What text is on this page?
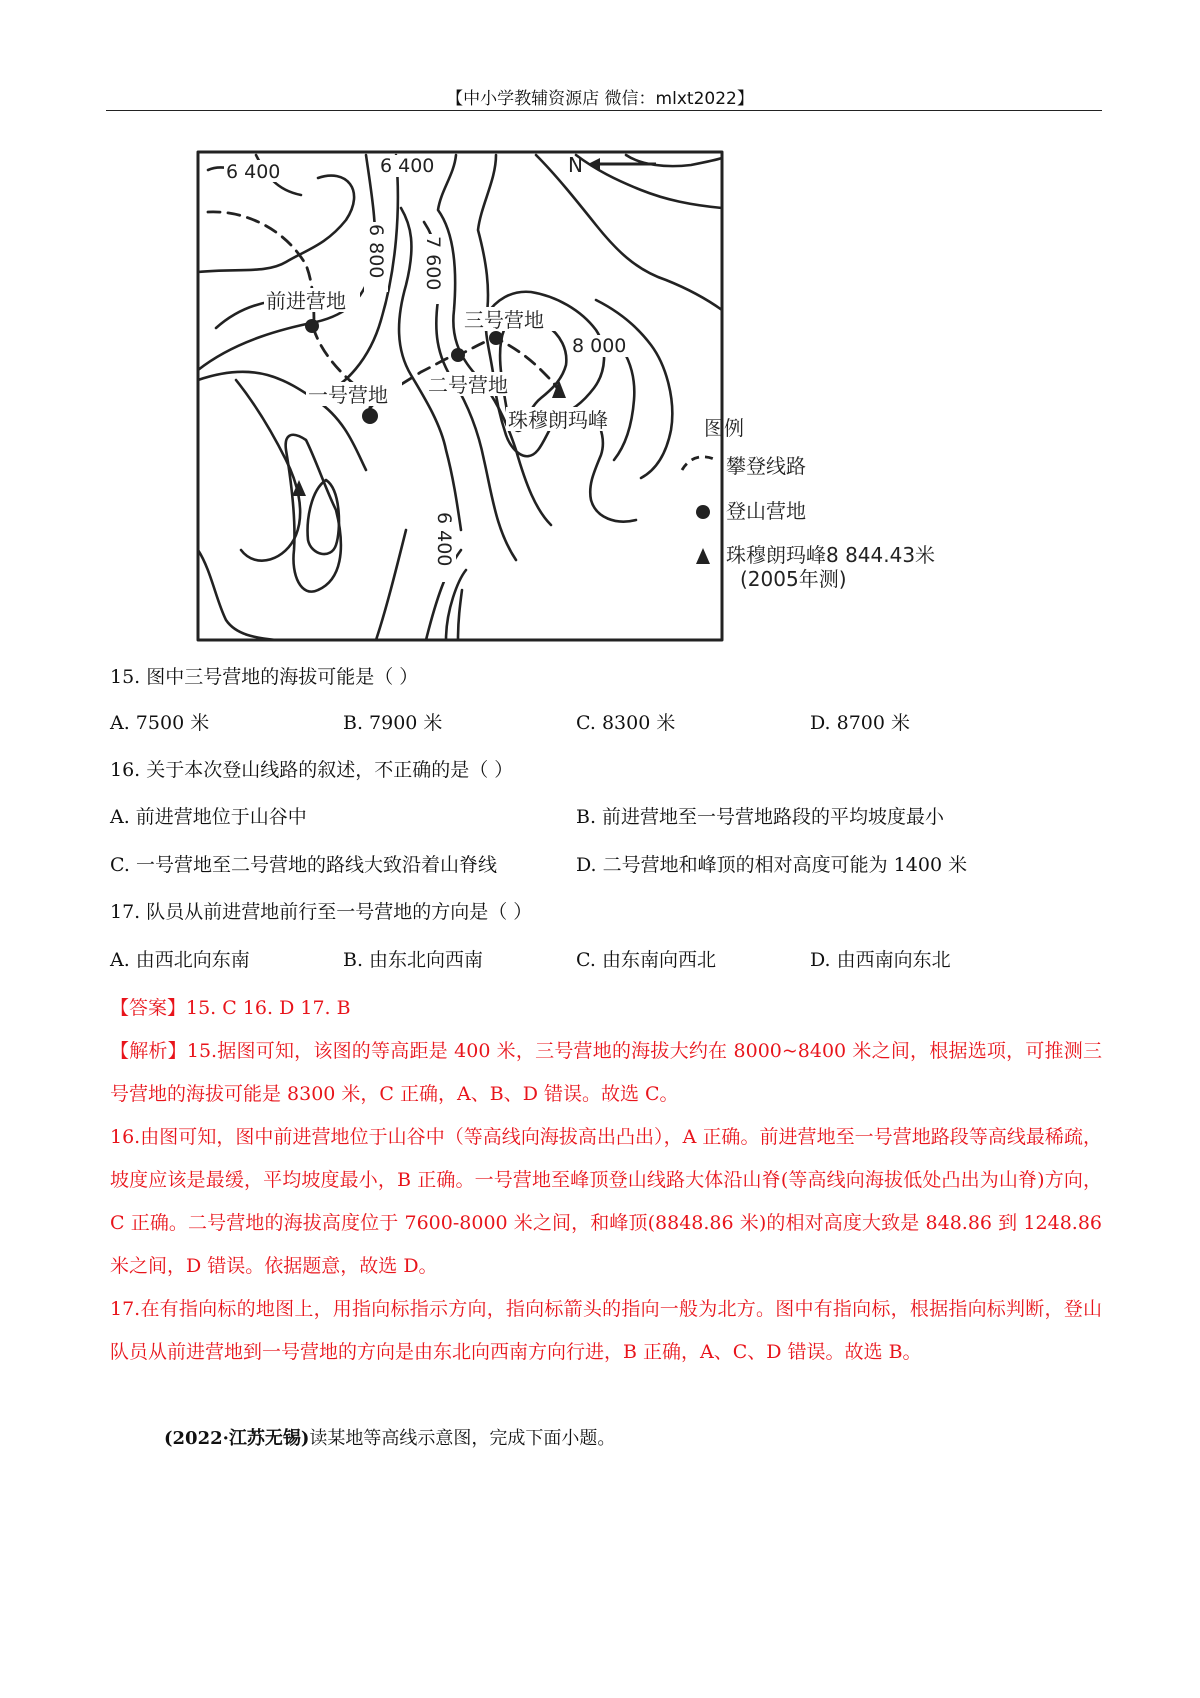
【中小学教辅资源店 微信：mlxt2022】
6 400	6 400
6 800 7 600
8 000
6 400
N
前进营地
一号营地 二号营地
三号营地
珠穆朗玛峰	图例
攀登线路
登山营地
珠穆朗玛峰8 844.43米
(2005年测)
15. 图中三号营地的海拔可能是（ ）
A. 7500 米	B. 7900 米	C. 8300 米	D. 8700 米
16. 关于本次登山线路的叙述，不正确的是（ ）
A. 前进营地位于山谷中	B. 前进营地至一号营地路段的平均坡度最小
C. 一号营地至二号营地的路线大致沿着山脊线	D. 二号营地和峰顶的相对高度可能为 1400 米
17. 队员从前进营地前行至一号营地的方向是（ ）
A. 由西北向东南	B. 由东北向西南	C. 由东南向西北	D. 由西南向东北
【答案】15. C 16. D 17. B
【解析】15.据图可知，该图的等高距是 400 米，三号营地的海拔大约在 8000~8400 米之间，根据选项，可推测三号营地的海拔可能是 8300 米，C 正确，A、B、D 错误。故选 C。
16.由图可知，图中前进营地位于山谷中（等高线向海拔高出凸出），A 正确。前进营地至一号营地路段等高线最稀疏，坡度应该是最缓，平均坡度最小，B 正确。一号营地至峰顶登山线路大体沿山脊(等高线向海拔低处凸出为山脊)方向，C 正确。二号营地的海拔高度位于 7600-8000 米之间，和峰顶(8848.86 米)的相对高度大致是 848.86 到 1248.86 米之间，D 错误。依据题意，故选 D。
17.在有指向标的地图上，用指向标指示方向，指向标箭头的指向一般为北方。图中有指向标，根据指向标判断，登山队员从前进营地到一号营地的方向是由东北向西南方向行进，B 正确，A、C、D 错误。故选 B。
(2022·江苏无锡)读某地等高线示意图，完成下面小题。
